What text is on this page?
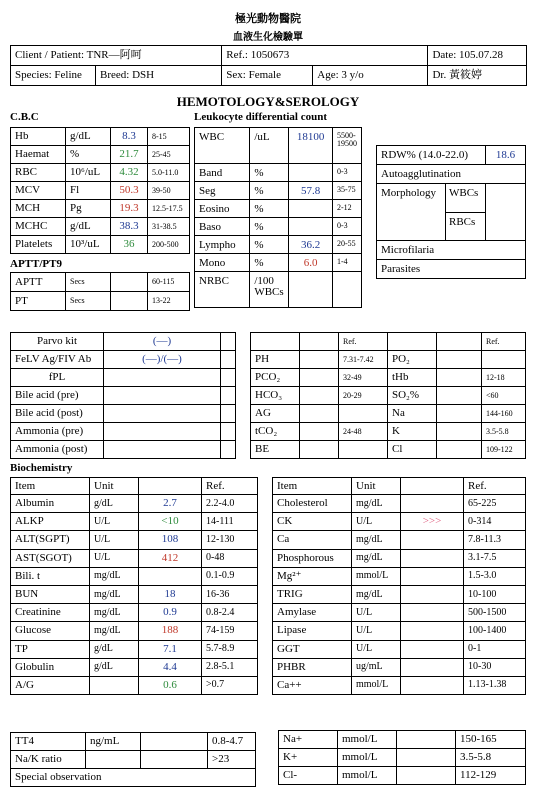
極光動物醫院
血液生化檢驗單
Client / Patient: TNR—阿呵		Ref.: 1050673		Date: 105.07.28
Species: Feline	Breed: DSH	Sex: Female	Age: 3 y/o	Dr. 黃筱婷
HEMOTOLOGY&SEROLOGY
C.B.C
Hb	g/dL	8.3	8-15
Haemat	%	21.7	25-45
RBC	10⁶/uL	4.32	5.0-11.0
MCV	Fl	50.3	39-50
MCH	Pg	19.3	12.5-17.5
MCHC	g/dL	38.3	31-38.5
Platelets	10³/uL	36	200-500
APTT/PT9
APTT	Secs		60-115
PT	Secs		13-22
Leukocyte differential count
WBC	/uL	18100	5500-19500
Band	%		0-3
Seg	%	57.8	35-75
Eosino	%		2-12
Baso	%		0-3
Lympho	%	36.2	20-55
Mono	%	6.0	1-4
NRBC	/100 WBCs		
RDW% (14.0-22.0)	18.6
Autoagglutination

Morphology WBCs
RBCs

Microfilaria
Parasites
Parvo kit	(—)	
FeLV Ag/FIV Ab	(—)/(—)	
fPL		
Bile acid (pre)		
Bile acid (post)		
Ammonia (pre)		
Ammonia (post)		
		Ref.			Ref.
PH		7.31-7.42	PO₂		
PCO₂		32-49	tHb		12-18
HCO₃		20-29	SO₂%		<60
AG			Na		144-160
tCO₂		24-48	K		3.5-5.8
BE			Cl		109-122
Biochemistry
Item	Unit		Ref.
Albumin	g/dL	2.7	2.2-4.0
ALKP	U/L	<10	14-111
ALT(SGPT)	U/L	108	12-130
AST(SGOT)	U/L	412	0-48
Bili. t	mg/dL		0.1-0.9
BUN	mg/dL	18	16-36
Creatinine	mg/dL	0.9	0.8-2.4
Glucose	mg/dL	188	74-159
TP	g/dL	7.1	5.7-8.9
Globulin	g/dL	4.4	2.8-5.1
A/G		0.6	>0.7
Item	Unit		Ref.
Cholesterol	mg/dL		65-225
CK	U/L	>>>	0-314
Ca	mg/dL		7.8-11.3
Phosphorous	mg/dL		3.1-7.5
Mg²⁺	mmol/L		1.5-3.0
TRIG	mg/dL		10-100
Amylase	U/L		500-1500
Lipase	U/L		100-1400
GGT	U/L		0-1
PHBR	ug/mL		10-30
Ca++	mmol/L		1.13-1.38
TT4	ng/mL		0.8-4.7
Na/K ratio			>23
Special observation			
Na+	mmol/L		150-165
K+	mmol/L		3.5-5.8
Cl-	mmol/L		112-129
